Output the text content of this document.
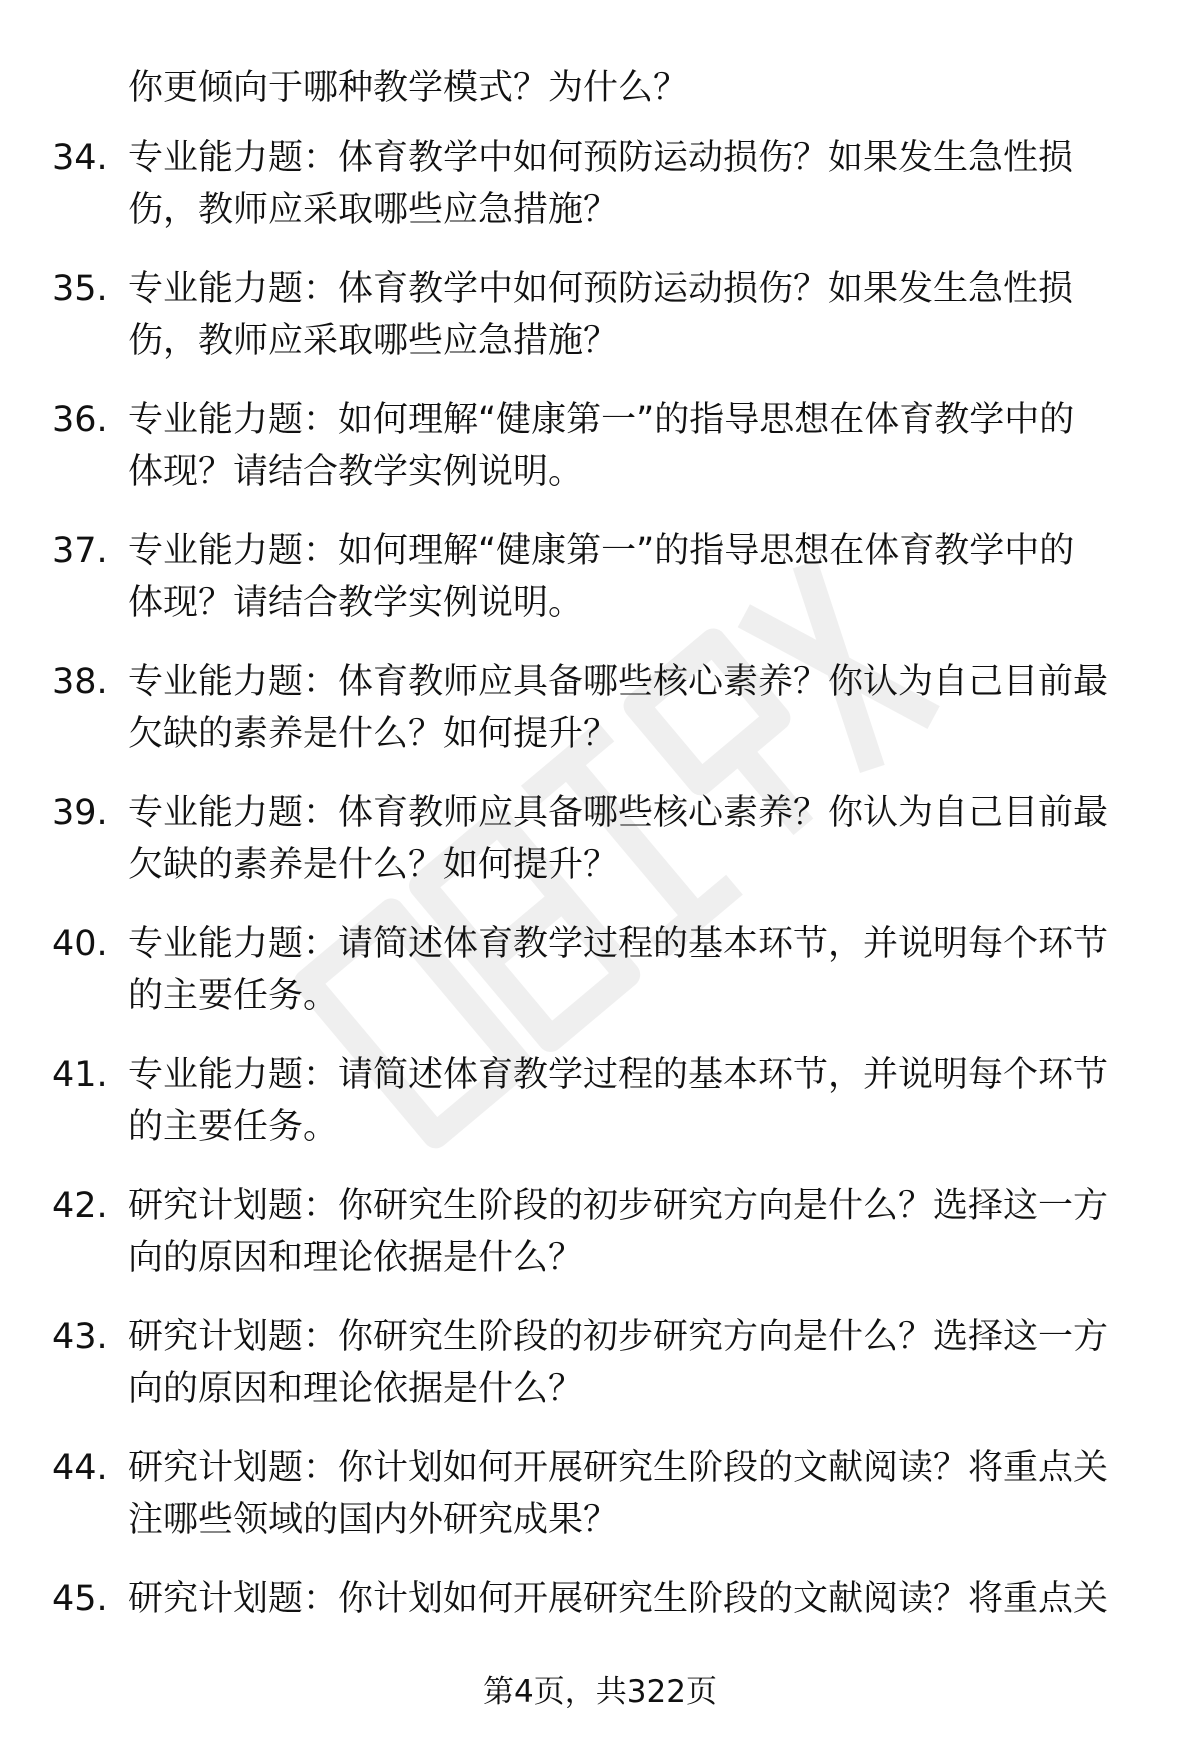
你更倾向于哪种教学模式？为什么？
34. 专业能力题：体育教学中如何预防运动损伤？如果发生急性损
伤，教师应采取哪些应急措施？
35. 专业能力题：体育教学中如何预防运动损伤？如果发生急性损
伤，教师应采取哪些应急措施？
36. 专业能力题：如何理解“健康第一”的指导思想在体育教学中的
体现？请结合教学实例说明。
37. 专业能力题：如何理解“健康第一”的指导思想在体育教学中的
体现？请结合教学实例说明。
38. 专业能力题：体育教师应具备哪些核心素养？你认为自己目前最
欠缺的素养是什么？如何提升？
39. 专业能力题：体育教师应具备哪些核心素养？你认为自己目前最
欠缺的素养是什么？如何提升？
40. 专业能力题：请简述体育教学过程的基本环节，并说明每个环节
的主要任务。
41. 专业能力题：请简述体育教学过程的基本环节，并说明每个环节
的主要任务。
42. 研究计划题：你研究生阶段的初步研究方向是什么？选择这一方
向的原因和理论依据是什么？
43. 研究计划题：你研究生阶段的初步研究方向是什么？选择这一方
向的原因和理论依据是什么？
44. 研究计划题：你计划如何开展研究生阶段的文献阅读？将重点关
注哪些领域的国内外研究成果？
45. 研究计划题：你计划如何开展研究生阶段的文献阅读？将重点关
第4页，共322页
